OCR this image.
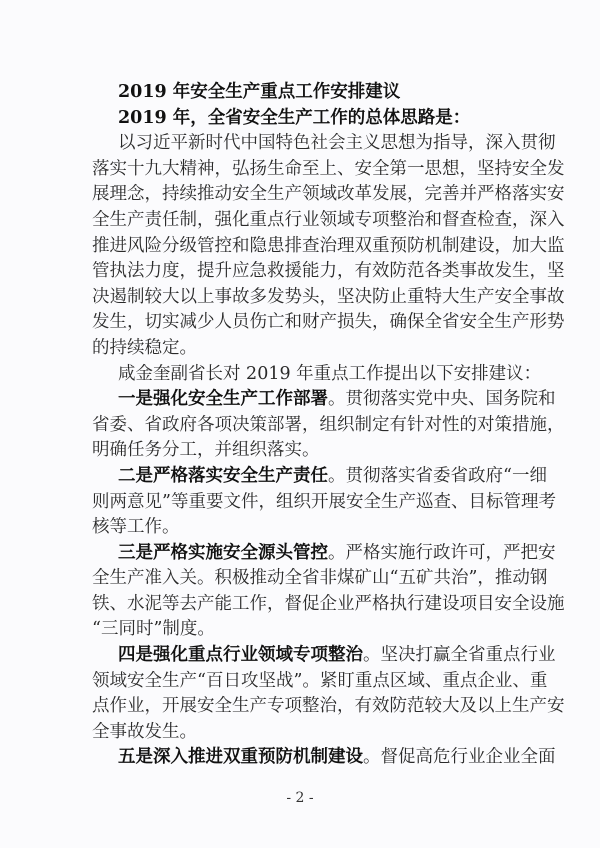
2019 年安全生产重点工作安排建议
2019 年，全省安全生产工作的总体思路是：
以习近平新时代中国特色社会主义思想为指导，深入贯彻
落实十九大精神，弘扬生命至上、安全第一思想，坚持安全发
展理念，持续推动安全生产领域改革发展，完善并严格落实安
全生产责任制，强化重点行业领域专项整治和督查检查，深入
推进风险分级管控和隐患排查治理双重预防机制建设，加大监
管执法力度，提升应急救援能力，有效防范各类事故发生，坚
决遏制较大以上事故多发势头，坚决防止重特大生产安全事故
发生，切实减少人员伤亡和财产损失，确保全省安全生产形势
的持续稳定。
咸金奎副省长对 2019 年重点工作提出以下安排建议：
一是强化安全生产工作部署。贯彻落实党中央、国务院和
省委、省政府各项决策部署，组织制定有针对性的对策措施，
明确任务分工，并组织落实。
二是严格落实安全生产责任。贯彻落实省委省政府“一细
则两意见”等重要文件，组织开展安全生产巡查、目标管理考
核等工作。
三是严格实施安全源头管控。严格实施行政许可，严把安
全生产准入关。积极推动全省非煤矿山“五矿共治”，推动钢
铁、水泥等去产能工作，督促企业严格执行建设项目安全设施
“三同时”制度。
四是强化重点行业领域专项整治。坚决打赢全省重点行业
领域安全生产“百日攻坚战”。紧盯重点区域、重点企业、重
点作业，开展安全生产专项整治，有效防范较大及以上生产安
全事故发生。
五是深入推进双重预防机制建设。督促高危行业企业全面
- 2 -
